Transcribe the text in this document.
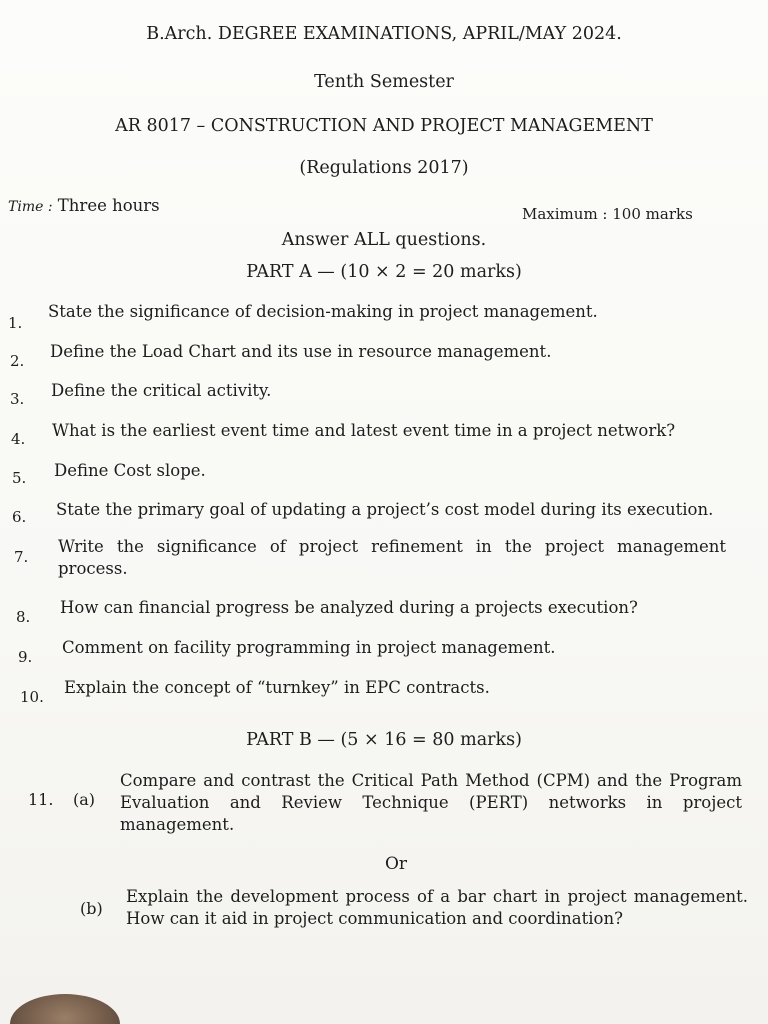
B.Arch. DEGREE EXAMINATIONS, APRIL/MAY 2024.
Tenth Semester
AR 8017 – CONSTRUCTION AND PROJECT MANAGEMENT
(Regulations 2017)
Time : Three hours	Maximum : 100 marks
Answer ALL questions.
PART A — (10 × 2 = 20 marks)
1.
State the significance of decision-making in project management.
2. Define the Load Chart and its use in resource management.
3. Define the critical activity.
4. What is the earliest event time and latest event time in a project network?
5. Define Cost slope.
6. State the primary goal of updating a project’s cost model during its execution.
7.
Write the significance of project refinement in the project management process.
8. How can financial progress be analyzed during a projects execution?
9. Comment on facility programming in project management.
10. Explain the concept of “turnkey” in EPC contracts.
PART B — (5 × 16 = 80 marks)
11. (a)
Compare and contrast the Critical Path Method (CPM) and the Program Evaluation and Review Technique (PERT) networks in project management.
Or
(b)
Explain the development process of a bar chart in project management. How can it aid in project communication and coordination?
